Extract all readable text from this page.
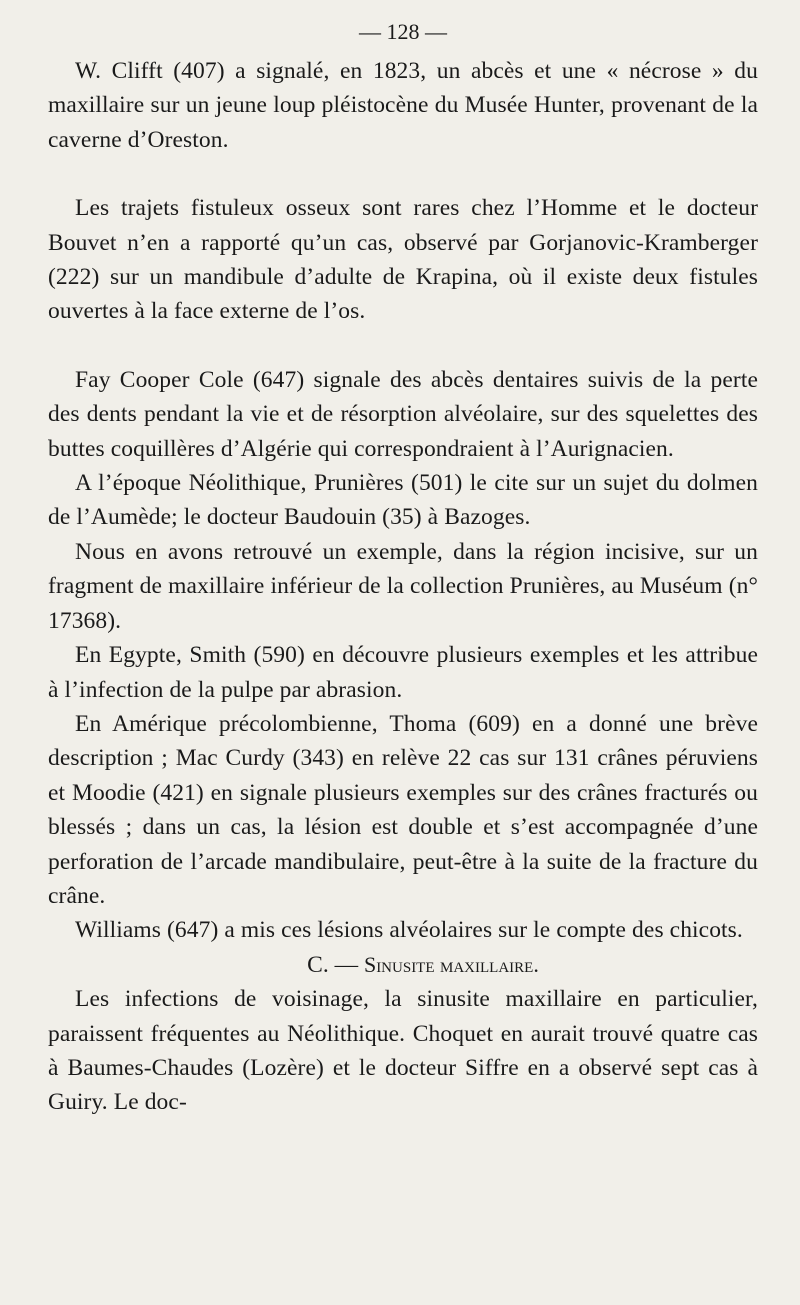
— 128 —

W. Clifft (407) a signalé, en 1823, un abcès et une « nécrose » du maxillaire sur un jeune loup pléistocène du Musée Hunter, provenant de la caverne d’Oreston.

Les trajets fistuleux osseux sont rares chez l’Homme et le docteur Bouvet n’en a rapporté qu’un cas, observé par Gorjanovic-Kramberger (222) sur un mandibule d’adulte de Krapina, où il existe deux fistules ouvertes à la face externe de l’os.

Fay Cooper Cole (647) signale des abcès dentaires suivis de la perte des dents pendant la vie et de résorption alvéolaire, sur des squelettes des buttes coquillères d’Algérie qui correspondraient à l’Aurignacien.

A l’époque Néolithique, Prunières (501) le cite sur un sujet du dolmen de l’Aumède; le docteur Baudouin (35) à Bazoges.

Nous en avons retrouvé un exemple, dans la région incisive, sur un fragment de maxillaire inférieur de la collection Prunières, au Muséum (n° 17368).

En Egypte, Smith (590) en découvre plusieurs exemples et les attribue à l’infection de la pulpe par abrasion.

En Amérique précolombienne, Thoma (609) en a donné une brève description ; Mac Curdy (343) en relève 22 cas sur 131 crânes péruviens et Moodie (421) en signale plusieurs exemples sur des crânes fracturés ou blessés ; dans un cas, la lésion est double et s’est accompagnée d’une perforation de l’arcade mandibulaire, peut-être à la suite de la fracture du crâne.

Williams (647) a mis ces lésions alvéolaires sur le compte des chicots.

C. — Sinusite maxillaire.

Les infections de voisinage, la sinusite maxillaire en particulier, paraissent fréquentes au Néolithique. Choquet en aurait trouvé quatre cas à Baumes-Chaudes (Lozère) et le docteur Siffre en a observé sept cas à Guiry. Le doc-
